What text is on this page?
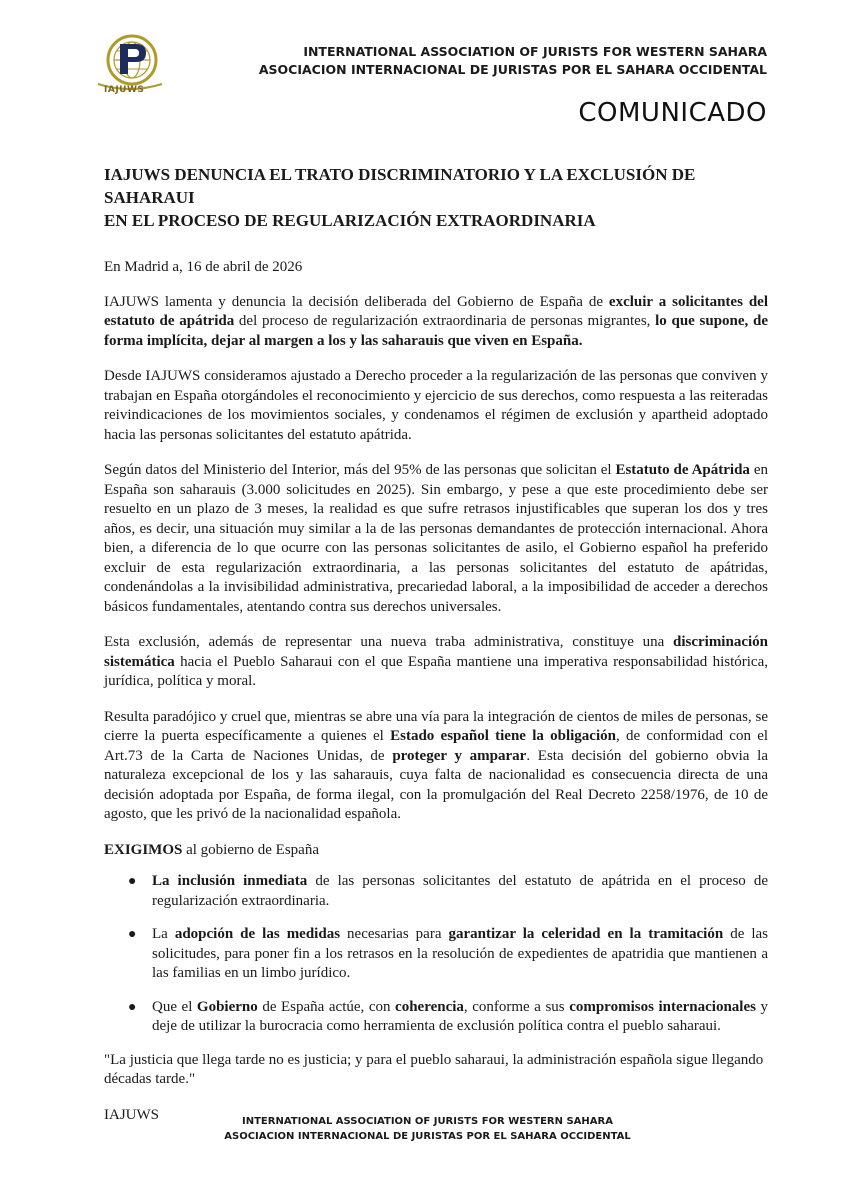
IAJUWS
INTERNATIONAL ASSOCIATION OF JURISTS FOR WESTERN SAHARA
ASOCIACION INTERNACIONAL DE JURISTAS POR EL SAHARA OCCIDENTAL
COMUNICADO
IAJUWS DENUNCIA EL TRATO DISCRIMINATORIO Y LA EXCLUSIÓN DE SAHARAUI
EN EL PROCESO DE REGULARIZACIÓN EXTRAORDINARIA

En Madrid a, 16 de abril de 2026

IAJUWS lamenta y denuncia la decisión deliberada del Gobierno de España de excluir a solicitantes del estatuto de apátrida del proceso de regularización extraordinaria de personas migrantes, lo que supone, de forma implícita, dejar al margen a los y las saharauis que viven en España.

Desde IAJUWS consideramos ajustado a Derecho proceder a la regularización de las personas que conviven y trabajan en España otorgándoles el reconocimiento y ejercicio de sus derechos, como respuesta a las reiteradas reivindicaciones de los movimientos sociales, y condenamos el régimen de exclusión y apartheid adoptado hacia las personas solicitantes del estatuto apátrida.

Según datos del Ministerio del Interior, más del 95% de las personas que solicitan el Estatuto de Apátrida en España son saharauis (3.000 solicitudes en 2025). Sin embargo, y pese a que este procedimiento debe ser resuelto en un plazo de 3 meses, la realidad es que sufre retrasos injustificables que superan los dos y tres años, es decir, una situación muy similar a la de las personas demandantes de protección internacional. Ahora bien, a diferencia de lo que ocurre con las personas solicitantes de asilo, el Gobierno español ha preferido excluir de esta regularización extraordinaria, a las personas solicitantes del estatuto de apátridas, condenándolas a la invisibilidad administrativa, precariedad laboral, a la imposibilidad de acceder a derechos básicos fundamentales, atentando contra sus derechos universales.

Esta exclusión, además de representar una nueva traba administrativa, constituye una discriminación sistemática hacia el Pueblo Saharaui con el que España mantiene una imperativa responsabilidad histórica, jurídica, política y moral.

Resulta paradójico y cruel que, mientras se abre una vía para la integración de cientos de miles de personas, se cierre la puerta específicamente a quienes el Estado español tiene la obligación, de conformidad con el Art.73 de la Carta de Naciones Unidas, de proteger y amparar. Esta decisión del gobierno obvia la naturaleza excepcional de los y las saharauis, cuya falta de nacionalidad es consecuencia directa de una decisión adoptada por España, de forma ilegal, con la promulgación del Real Decreto 2258/1976, de 10 de agosto, que les privó de la nacionalidad española.

EXIGIMOS al gobierno de España

● La inclusión inmediata de las personas solicitantes del estatuto de apátrida en el proceso de regularización extraordinaria.
● La adopción de las medidas necesarias para garantizar la celeridad en la tramitación de las solicitudes, para poner fin a los retrasos en la resolución de expedientes de apatridia que mantienen a las familias en un limbo jurídico.
● Que el Gobierno de España actúe, con coherencia, conforme a sus compromisos internacionales y deje de utilizar la burocracia como herramienta de exclusión política contra el pueblo saharaui.

"La justicia que llega tarde no es justicia; y para el pueblo saharaui, la administración española sigue llegando décadas tarde."

IAJUWS	INTERNATIONAL ASSOCIATION OF JURISTS FOR WESTERN SAHARA
ASOCIACION INTERNACIONAL DE JURISTAS POR EL SAHARA OCCIDENTAL
